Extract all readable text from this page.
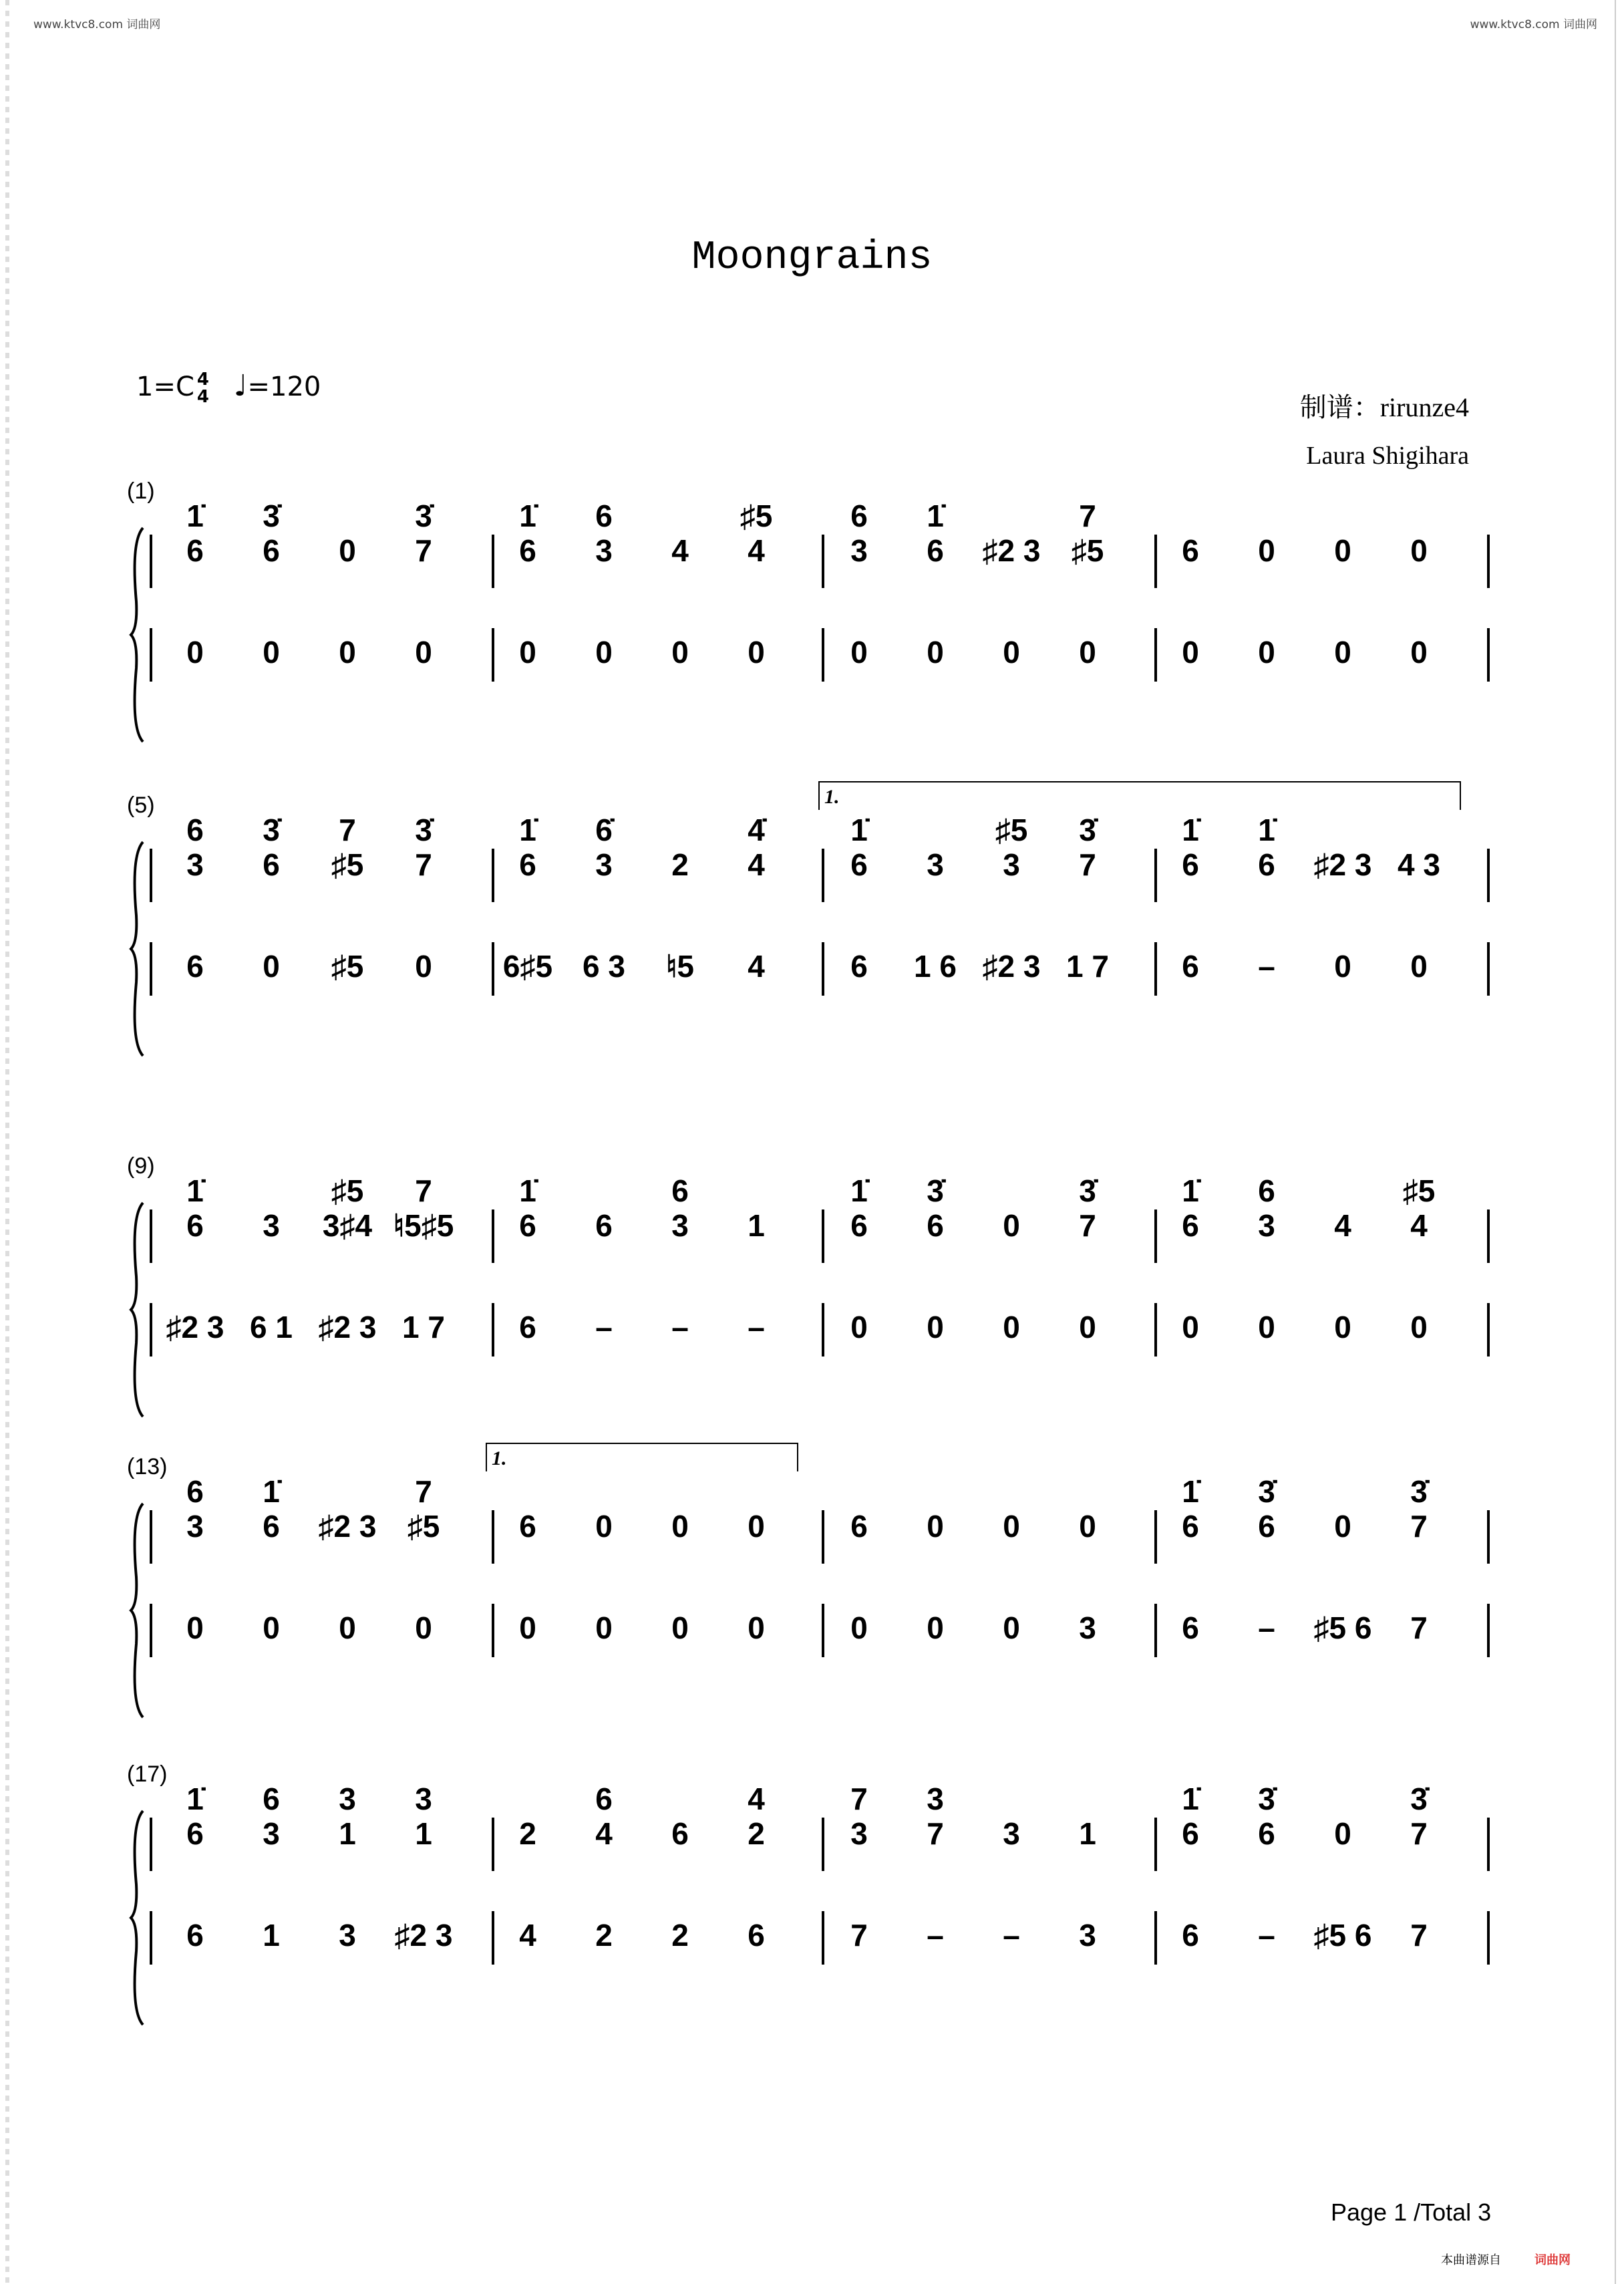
www.ktvc8.com 词曲网	www.ktvc8.com 词曲网
Moongrains
1=C 4
4 ♩=120
制谱：rirunze4
Laura Shigihara
(1)
1̇ 3̇	3̇
6 6 0 7
0 0 0 0
1̇ 6	♯5
6 3 4 4
0 0 0 0
6 1̇	7
3 6 ♯2 3 ♯5
0 0 0 0
6 0 0 0
0 0 0 0
(5)	1.
6 3̇ 7 3̇
3 6 ♯5 7
6 0 ♯5 0
1̇ 6̇	4̇
6 3 2 4
6♯5 6 3 ♮5 4
1̇	♯5 3̇
6 3 3 7
6 1 6 ♯2 3 1 7
1̇ 1̇
6 6 ♯2 3 4 3
6 – 0 0
(9)
1̇	♯5 7
6 3 3♯4 ♮5♯5
♯2 3 6 1 ♯2 3 1 7
1̇	6
6 6 3 1
6 – – –
1̇ 3̇	3̇
6 6 0 7
0 0 0 0
1̇ 6	♯5
6 3 4 4
0 0 0 0
(13)	1.
6 1̇	7
3 6 ♯2 3 ♯5
0 0 0 0
6 0 0 0
0 0 0 0
6 0 0 0
0 0 0 3
1̇ 3̇	3̇
6 6 0 7
6 – ♯5 6 7
(17)
1̇ 6 3 3
6 3 1 1
6 1 3 ♯2 3
6	4
2 4 6 2
4 2 2 6
7 3
3 7 3 1
7 – – 3
1̇ 3̇	3̇
6 6 0 7
6 – ♯5 6 7
Page 1 /Total 3
本曲谱源自	词曲网
